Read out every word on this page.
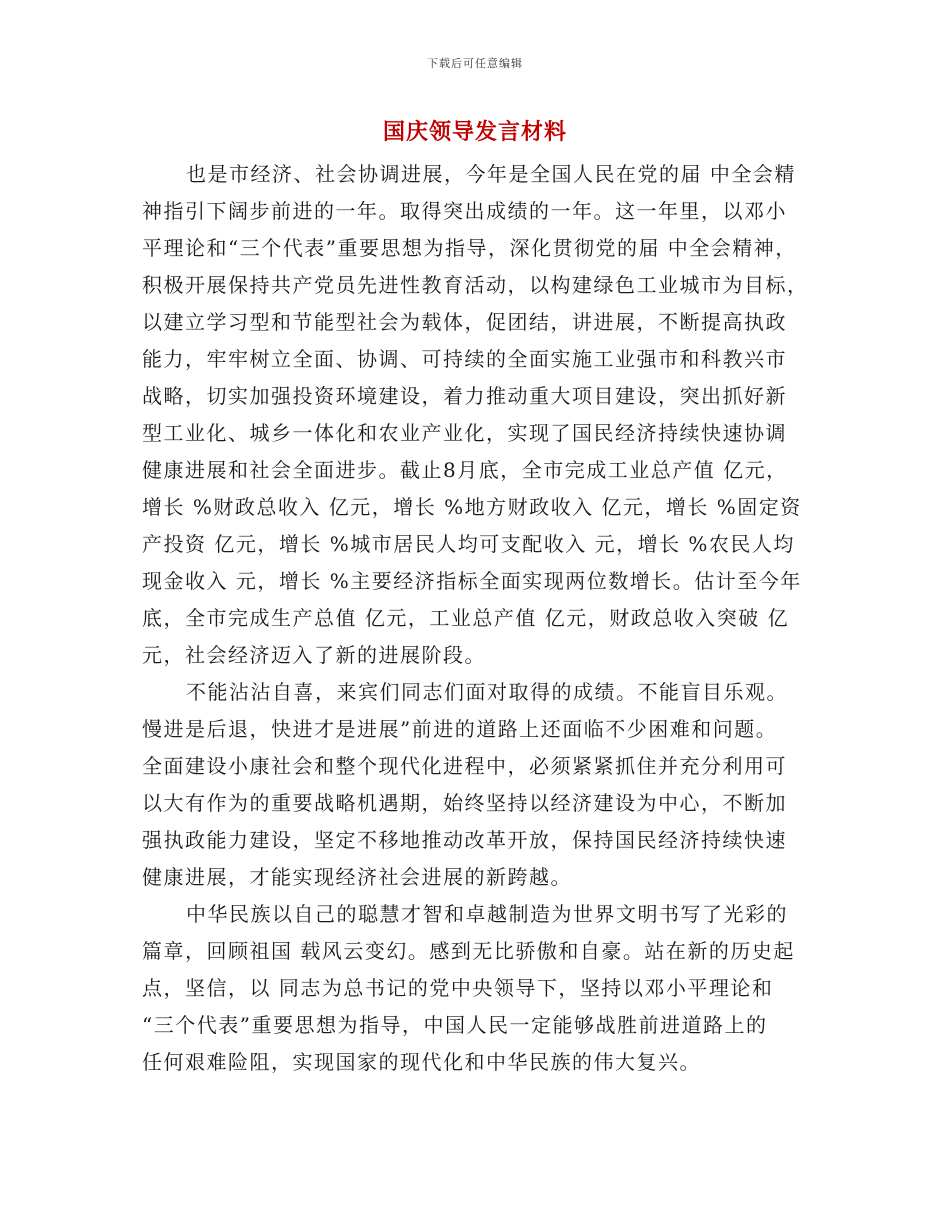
下载后可任意编辑
国庆领导发言材料
也是市经济、社会协调进展，今年是全国人民在党的届 中全会精
神指引下阔步前进的一年。取得突出成绩的一年。这一年里，以邓小
平理论和“三个代表”重要思想为指导，深化贯彻党的届 中全会精神，
积极开展保持共产党员先进性教育活动，以构建绿色工业城市为目标，
以建立学习型和节能型社会为载体，促团结，讲进展，不断提高执政
能力，牢牢树立全面、协调、可持续的全面实施工业强市和科教兴市
战略，切实加强投资环境建设，着力推动重大项目建设，突出抓好新
型工业化、城乡一体化和农业产业化，实现了国民经济持续快速协调
健康进展和社会全面进步。截止8月底，全市完成工业总产值 亿元，
增长 %财政总收入 亿元，增长 %地方财政收入 亿元，增长 %固定资
产投资 亿元，增长 %城市居民人均可支配收入 元，增长 %农民人均
现金收入 元，增长 %主要经济指标全面实现两位数增长。估计至今年
底，全市完成生产总值 亿元，工业总产值 亿元，财政总收入突破 亿
元，社会经济迈入了新的进展阶段。
不能沾沾自喜，来宾们同志们面对取得的成绩。不能盲目乐观。
慢进是后退，快进才是进展”前进的道路上还面临不少困难和问题。
全面建设小康社会和整个现代化进程中，必须紧紧抓住并充分利用可
以大有作为的重要战略机遇期，始终坚持以经济建设为中心，不断加
强执政能力建设，坚定不移地推动改革开放，保持国民经济持续快速
健康进展，才能实现经济社会进展的新跨越。
中华民族以自己的聪慧才智和卓越制造为世界文明书写了光彩的
篇章，回顾祖国 载风云变幻。感到无比骄傲和自豪。站在新的历史起
点，坚信，以 同志为总书记的党中央领导下，坚持以邓小平理论和
“三个代表”重要思想为指导，中国人民一定能够战胜前进道路上的
任何艰难险阻，实现国家的现代化和中华民族的伟大复兴。
